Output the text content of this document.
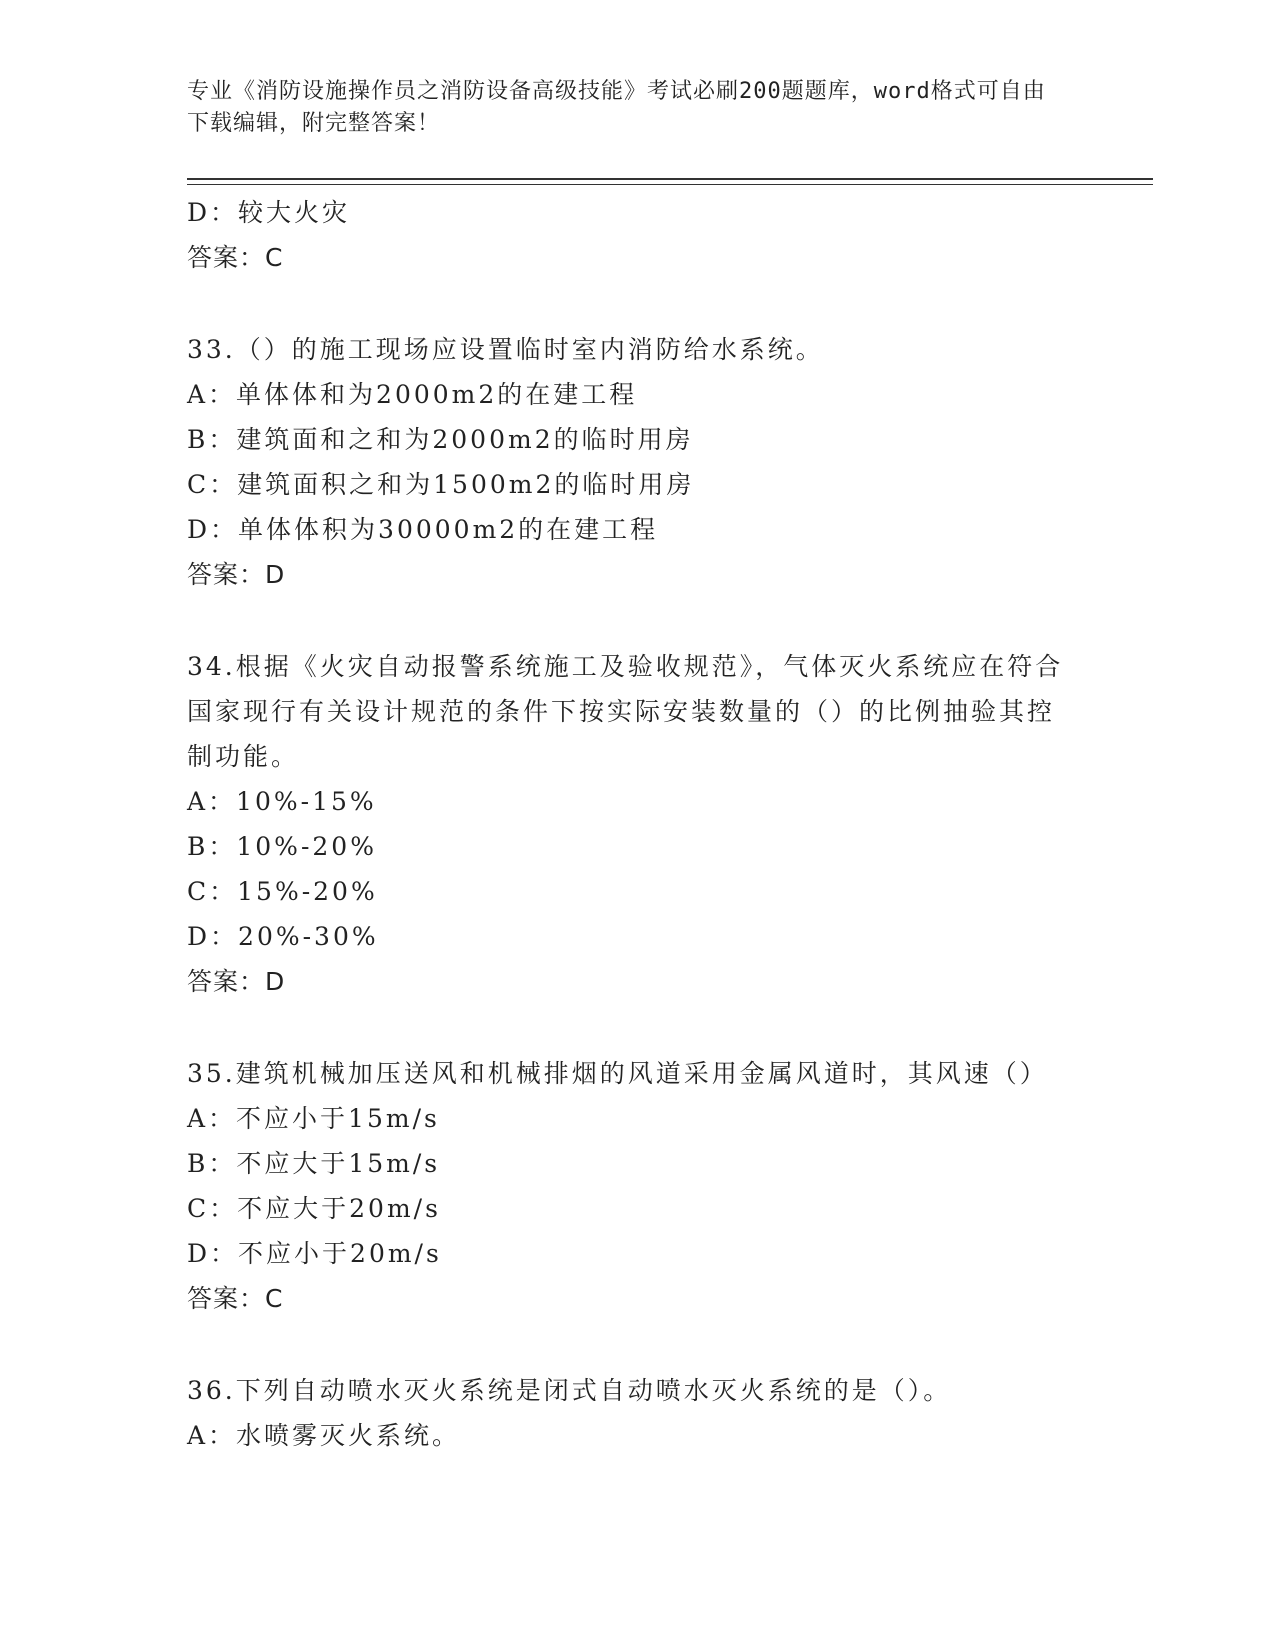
专业《消防设施操作员之消防设备高级技能》考试必刷200题题库，word格式可自由下载编辑，附完整答案！
D：较大火灾
答案：C
33.（）的施工现场应设置临时室内消防给水系统。
A：单体体和为2000m2的在建工程
B：建筑面和之和为2000m2的临时用房
C：建筑面积之和为1500m2的临时用房
D：单体体积为30000m2的在建工程
答案：D
34.根据《火灾自动报警系统施工及验收规范》，气体灭火系统应在符合国家现行有关设计规范的条件下按实际安装数量的（）的比例抽验其控制功能。
A：10%-15%
B：10%-20%
C：15%-20%
D：20%-30%
答案：D
35.建筑机械加压送风和机械排烟的风道采用金属风道时，其风速（）
A：不应小于15m/s
B：不应大于15m/s
C：不应大于20m/s
D：不应小于20m/s
答案：C
36.下列自动喷水灭火系统是闭式自动喷水灭火系统的是（）。
A：水喷雾灭火系统。
